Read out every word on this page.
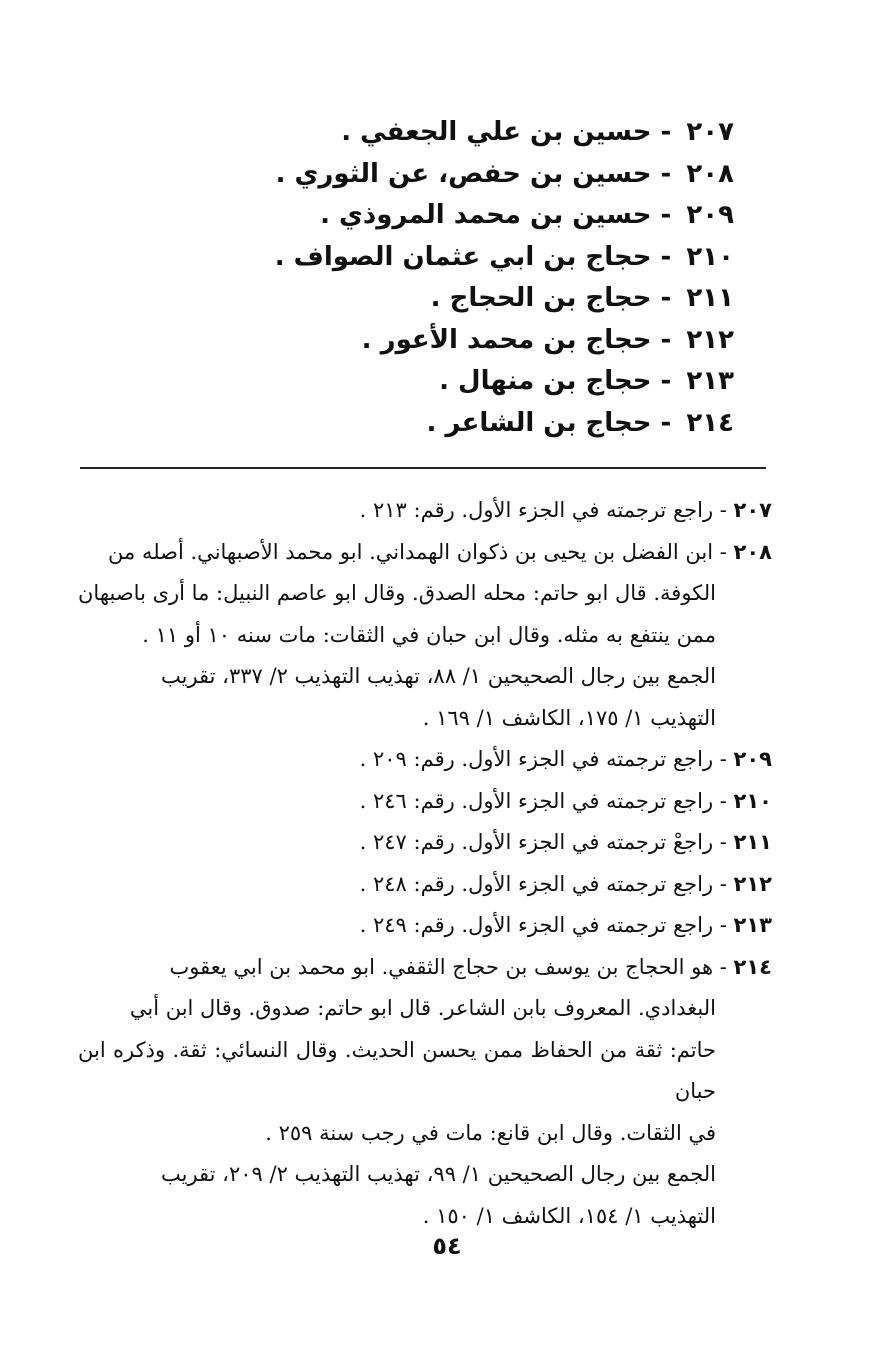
٢٠٧ - حسين بن علي الجعفي .
٢٠٨ - حسين بن حفص، عن الثوري .
٢٠٩ - حسين بن محمد المروذي .
٢١٠ - حجاج بن ابي عثمان الصواف .
٢١١ - حجاج بن الحجاج .
٢١٢ - حجاج بن محمد الأعور .
٢١٣ - حجاج بن منهال .
٢١٤ - حجاج بن الشاعر .

٢٠٧ - راجع ترجمته في الجزء الأول. رقم: ٢١٣ .

٢٠٨ - ابن الفضل بن يحيى بن ذكوان الهمداني. ابو محمد الأصبهاني. أصله من
الكوفة. قال ابو حاتم: محله الصدق. وقال ابو عاصم النبيل: ما أرى باصبهان
ممن ينتفع به مثله. وقال ابن حبان في الثقات: مات سنه ١٠ أو ١١ .
الجمع بين رجال الصحيحين ١/ ٨٨، تهذيب التهذيب ٢/ ٣٣٧، تقريب
التهذيب ١/ ١٧٥، الكاشف ١/ ١٦٩ .

٢٠٩ - راجع ترجمته في الجزء الأول. رقم: ٢٠٩ .

٢١٠ - راجع ترجمته في الجزء الأول. رقم: ٢٤٦ .

٢١١ - راجعْ ترجمته في الجزء الأول. رقم: ٢٤٧ .

٢١٢ - راجع ترجمته في الجزء الأول. رقم: ٢٤٨ .

٢١٣ - راجع ترجمته في الجزء الأول. رقم: ٢٤٩ .

٢١٤ - هو الحجاج بن يوسف بن حجاج الثقفي. ابو محمد بن ابي يعقوب
البغدادي. المعروف بابن الشاعر. قال ابو حاتم: صدوق. وقال ابن أبي
حاتم: ثقة من الحفاظ ممن يحسن الحديث. وقال النسائي: ثقة. وذكره ابن حبان
في الثقات. وقال ابن قانع: مات في رجب سنة ٢٥٩ .
الجمع بين رجال الصحيحين ١/ ٩٩، تهذيب التهذيب ٢/ ٢٠٩، تقريب
التهذيب ١/ ١٥٤، الكاشف ١/ ١٥٠ .

٥٤
